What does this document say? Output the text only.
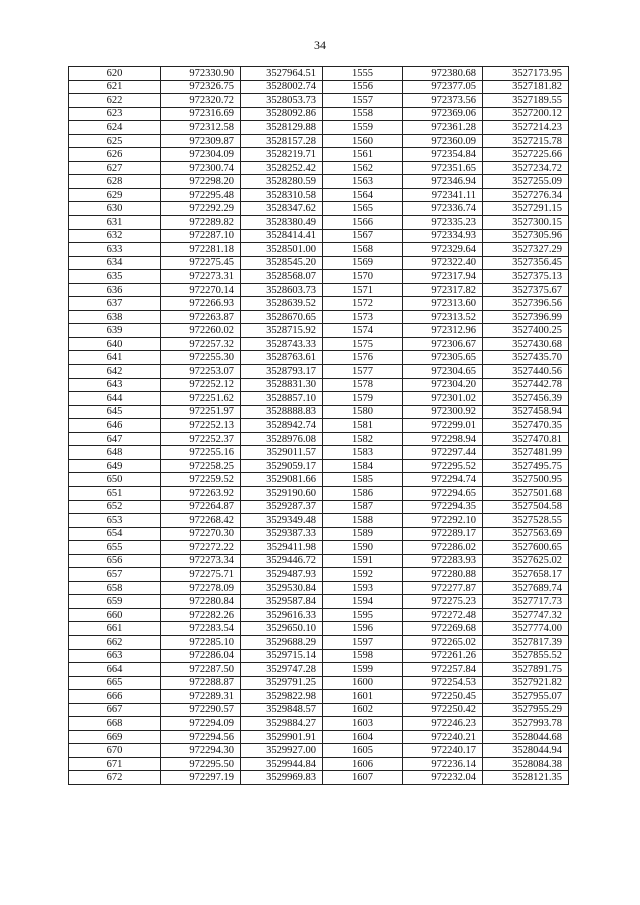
34
620	972330.90	3527964.51	1555	972380.68	3527173.95
621	972326.75	3528002.74	1556	972377.05	3527181.82
622	972320.72	3528053.73	1557	972373.56	3527189.55
623	972316.69	3528092.86	1558	972369.06	3527200.12
624	972312.58	3528129.88	1559	972361.28	3527214.23
625	972309.87	3528157.28	1560	972360.09	3527215.78
626	972304.09	3528219.71	1561	972354.84	3527225.66
627	972300.74	3528252.42	1562	972351.65	3527234.72
628	972298.20	3528280.59	1563	972346.94	3527255.09
629	972295.48	3528310.58	1564	972341.11	3527276.34
630	972292.29	3528347.62	1565	972336.74	3527291.15
631	972289.82	3528380.49	1566	972335.23	3527300.15
632	972287.10	3528414.41	1567	972334.93	3527305.96
633	972281.18	3528501.00	1568	972329.64	3527327.29
634	972275.45	3528545.20	1569	972322.40	3527356.45
635	972273.31	3528568.07	1570	972317.94	3527375.13
636	972270.14	3528603.73	1571	972317.82	3527375.67
637	972266.93	3528639.52	1572	972313.60	3527396.56
638	972263.87	3528670.65	1573	972313.52	3527396.99
639	972260.02	3528715.92	1574	972312.96	3527400.25
640	972257.32	3528743.33	1575	972306.67	3527430.68
641	972255.30	3528763.61	1576	972305.65	3527435.70
642	972253.07	3528793.17	1577	972304.65	3527440.56
643	972252.12	3528831.30	1578	972304.20	3527442.78
644	972251.62	3528857.10	1579	972301.02	3527456.39
645	972251.97	3528888.83	1580	972300.92	3527458.94
646	972252.13	3528942.74	1581	972299.01	3527470.35
647	972252.37	3528976.08	1582	972298.94	3527470.81
648	972255.16	3529011.57	1583	972297.44	3527481.99
649	972258.25	3529059.17	1584	972295.52	3527495.75
650	972259.52	3529081.66	1585	972294.74	3527500.95
651	972263.92	3529190.60	1586	972294.65	3527501.68
652	972264.87	3529287.37	1587	972294.35	3527504.58
653	972268.42	3529349.48	1588	972292.10	3527528.55
654	972270.30	3529387.33	1589	972289.17	3527563.69
655	972272.22	3529411.98	1590	972286.02	3527600.65
656	972273.34	3529446.72	1591	972283.93	3527625.02
657	972275.71	3529487.93	1592	972280.88	3527658.17
658	972278.09	3529530.84	1593	972277.87	3527689.74
659	972280.84	3529587.84	1594	972275.23	3527717.73
660	972282.26	3529616.33	1595	972272.48	3527747.32
661	972283.54	3529650.10	1596	972269.68	3527774.00
662	972285.10	3529688.29	1597	972265.02	3527817.39
663	972286.04	3529715.14	1598	972261.26	3527855.52
664	972287.50	3529747.28	1599	972257.84	3527891.75
665	972288.87	3529791.25	1600	972254.53	3527921.82
666	972289.31	3529822.98	1601	972250.45	3527955.07
667	972290.57	3529848.57	1602	972250.42	3527955.29
668	972294.09	3529884.27	1603	972246.23	3527993.78
669	972294.56	3529901.91	1604	972240.21	3528044.68
670	972294.30	3529927.00	1605	972240.17	3528044.94
671	972295.50	3529944.84	1606	972236.14	3528084.38
672	972297.19	3529969.83	1607	972232.04	3528121.35
